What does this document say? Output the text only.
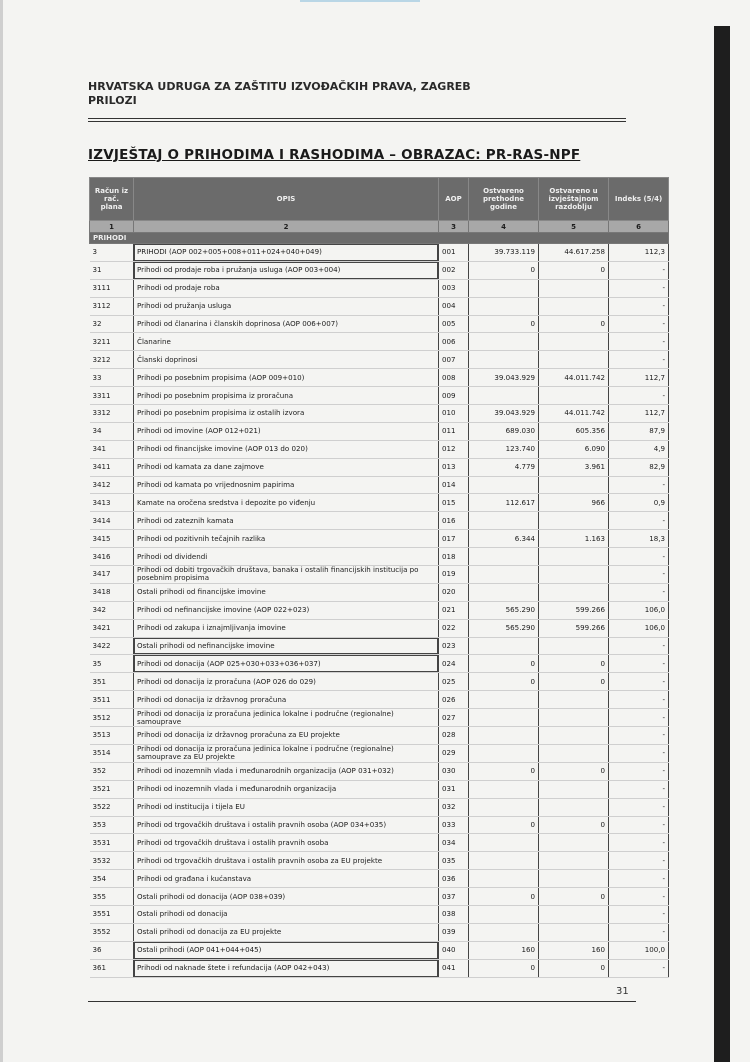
HRVATSKA UDRUGA ZA ZAŠTITU IZVOĐAČKIH PRAVA, ZAGREB
PRILOZI
IZVJEŠTAJ O PRIHODIMA I RASHODIMA – OBRAZAC: PR-RAS-NPF
Račun iz rač. plana	OPIS	AOP	Ostvareno prethodne godine	Ostvareno u izvještajnom razdoblju	Indeks (5/4)
1	2	3	4	5	6
PRIHODI					
3	PRIHODI (AOP 002+005+008+011+024+040+049)	001	39.733.119	44.617.258	112,3
31	Prihodi od prodaje roba i pružanja usluga (AOP 003+004)	002	0	0	-
3111	Prihodi od prodaje roba	003			-
3112	Prihodi od pružanja usluga	004			-
32	Prihodi od članarina i članskih doprinosa (AOP 006+007)	005	0	0	-
3211	Članarine	006			-
3212	Članski doprinosi	007			-
33	Prihodi po posebnim propisima (AOP 009+010)	008	39.043.929	44.011.742	112,7
3311	Prihodi po posebnim propisima iz proračuna	009			-
3312	Prihodi po posebnim propisima iz ostalih izvora	010	39.043.929	44.011.742	112,7
34	Prihodi od imovine (AOP 012+021)	011	689.030	605.356	87,9
341	Prihodi od financijske imovine (AOP 013 do 020)	012	123.740	6.090	4,9
3411	Prihodi od kamata za dane zajmove	013	4.779	3.961	82,9
3412	Prihodi od kamata po vrijednosnim papirima	014			-
3413	Kamate na oročena sredstva i depozite po viđenju	015	112.617	966	0,9
3414	Prihodi od zateznih kamata	016			-
3415	Prihodi od pozitivnih tečajnih razlika	017	6.344	1.163	18,3
3416	Prihodi od dividendi	018			-
3417	Prihodi od dobiti trgovačkih društava, banaka i ostalih financijskih institucija po posebnim propisima	019			-
3418	Ostali prihodi od financijske imovine	020			-
342	Prihodi od nefinancijske imovine (AOP 022+023)	021	565.290	599.266	106,0
3421	Prihodi od zakupa i iznajmljivanja imovine	022	565.290	599.266	106,0
3422	Ostali prihodi od nefinancijske imovine	023			-
35	Prihodi od donacija (AOP 025+030+033+036+037)	024	0	0	-
351	Prihodi od donacija iz proračuna (AOP 026 do 029)	025	0	0	-
3511	Prihodi od donacija iz državnog proračuna	026			-
3512	Prihodi od donacija iz proračuna jedinica lokalne i područne (regionalne) samouprave	027			-
3513	Prihodi od donacija iz državnog proračuna za EU projekte	028			-
3514	Prihodi od donacija iz proračuna jedinica lokalne i područne (regionalne) samouprave za EU projekte	029			-
352	Prihodi od inozemnih vlada i međunarodnih organizacija (AOP 031+032)	030	0	0	-
3521	Prihodi od inozemnih vlada i međunarodnih organizacija	031			-
3522	Prihodi od institucija i tijela EU	032			-
353	Prihodi od trgovačkih društava i ostalih pravnih osoba (AOP 034+035)	033	0	0	-
3531	Prihodi od trgovačkih društava i ostalih pravnih osoba	034			-
3532	Prihodi od trgovačkih društava i ostalih pravnih osoba za EU projekte	035			-
354	Prihodi od građana i kućanstava	036			-
355	Ostali prihodi od donacija (AOP 038+039)	037	0	0	-
3551	Ostali prihodi od donacija	038			-
3552	Ostali prihodi od donacija za EU projekte	039			-
36	Ostali prihodi (AOP 041+044+045)	040	160	160	100,0
361	Prihodi od naknade štete i refundacija (AOP 042+043)	041	0	0	-
31
